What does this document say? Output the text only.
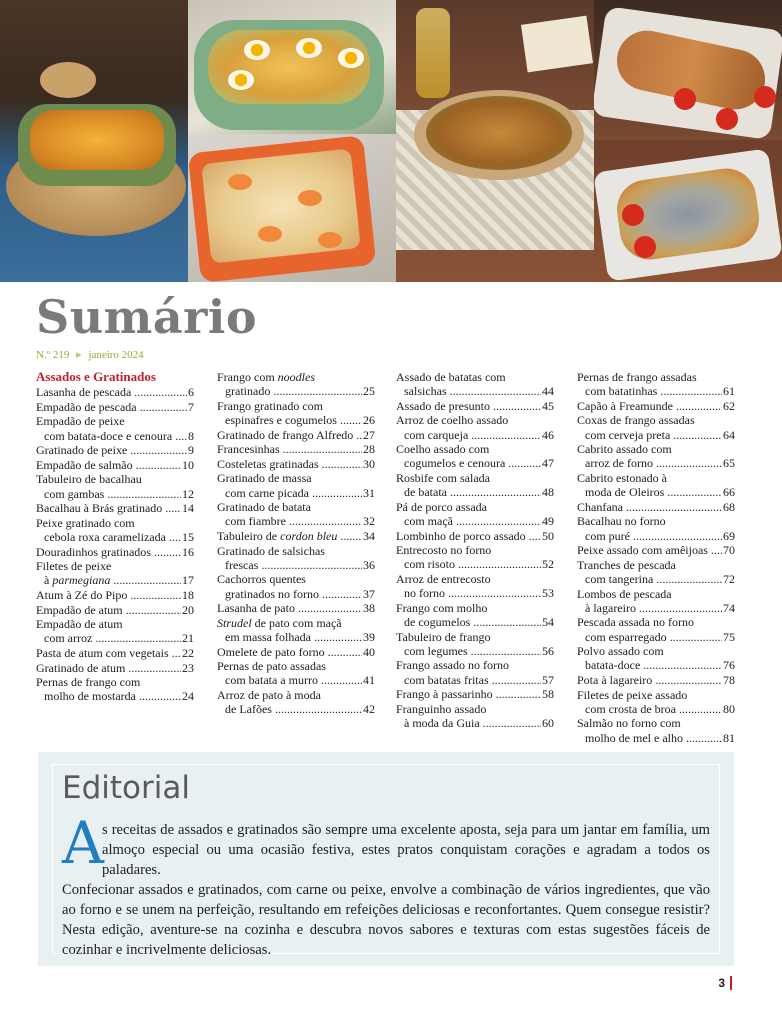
Sumário
N.º 219 ▸ janeiro 2024
Assados e Gratinados
Lasanha de pescada .....	6
Empadão de pescada .....	7
Empadão de peixe
com batata-doce e cenoura .....	8
Gratinado de peixe .....	9
Empadão de salmão .....	10
Tabuleiro de bacalhau
com gambas .....	12
Bacalhau à Brás gratinado .....	14
Peixe gratinado com
cebola roxa caramelizada .....	15
Douradinhos gratinados .....	16
Filetes de peixe
à parmegiana .....	17
Atum à Zé do Pipo .....	18
Empadão de atum .....	20
Empadão de atum
com arroz .....	21
Pasta de atum com vegetais .....	22
Gratinado de atum .....	23
Pernas de frango com
molho de mostarda .....	24
Frango com noodles
gratinado .....	25
Frango gratinado com
espinafres e cogumelos .....	26
Gratinado de frango Alfredo ..... 27
Francesinhas .....	28
Costeletas gratinadas .....	30
Gratinado de massa
com carne picada .....	31
Gratinado de batata
com fiambre .....	32
Tabuleiro de cordon bleu .....	34
Gratinado de salsichas
frescas .....	36
Cachorros quentes
gratinados no forno .....	37
Lasanha de pato .....	38
Strudel de pato com maçã
em massa folhada .....	39
Omelete de pato forno .....	40
Pernas de pato assadas
com batata a murro .....	41
Arroz de pato à moda
de Lafões .....	42
Assado de batatas com
salsichas .....	44
Assado de presunto .....	45
Arroz de coelho assado
com carqueja .....	46
Coelho assado com
cogumelos e cenoura .....	47
Rosbife com salada
de batata .....	48
Pá de porco assada
com maçã .....	49
Lombinho de porco assado .....	50
Entrecosto no forno
com risoto .....	52
Arroz de entrecosto
no forno .....	53
Frango com molho
de cogumelos .....	54
Tabuleiro de frango
com legumes .....	56
Frango assado no forno
com batatas fritas .....	57
Frango à passarinho .....	58
Franguinho assado
à moda da Guia .....	60
Pernas de frango assadas
com batatinhas .....	61
Capão à Freamunde .....	62
Coxas de frango assadas
com cerveja preta .....	64
Cabrito assado com
arroz de forno .....	65
Cabrito estonado à
moda de Oleiros .....	66
Chanfana .....	68
Bacalhau no forno
com puré .....	69
Peixe assado com amêijoas .....	70
Tranches de pescada
com tangerina .....	72
Lombos de pescada
à lagareiro .....	74
Pescada assada no forno
com esparregado .....	75
Polvo assado com
batata-doce .....	76
Pota à lagareiro .....	78
Filetes de peixe assado
com crosta de broa .....	80
Salmão no forno com
molho de mel e alho .....	81
Editorial
A

s receitas de assados e gratinados são sempre uma excelente aposta, seja para um jantar em família, um almoço especial ou uma ocasião festiva, estes pratos conquistam corações e agradam a todos os paladares.

Confecionar assados e gratinados, com carne ou peixe, envolve a combinação de vários ingredientes, que vão ao forno e se unem na perfeição, resultando em refeições deliciosas e reconfortantes. Quem consegue resistir? Nesta edição, aventure-se na cozinha e descubra novos sabores e texturas com estas sugestões fáceis de cozinhar e incrivelmente deliciosas.

3
